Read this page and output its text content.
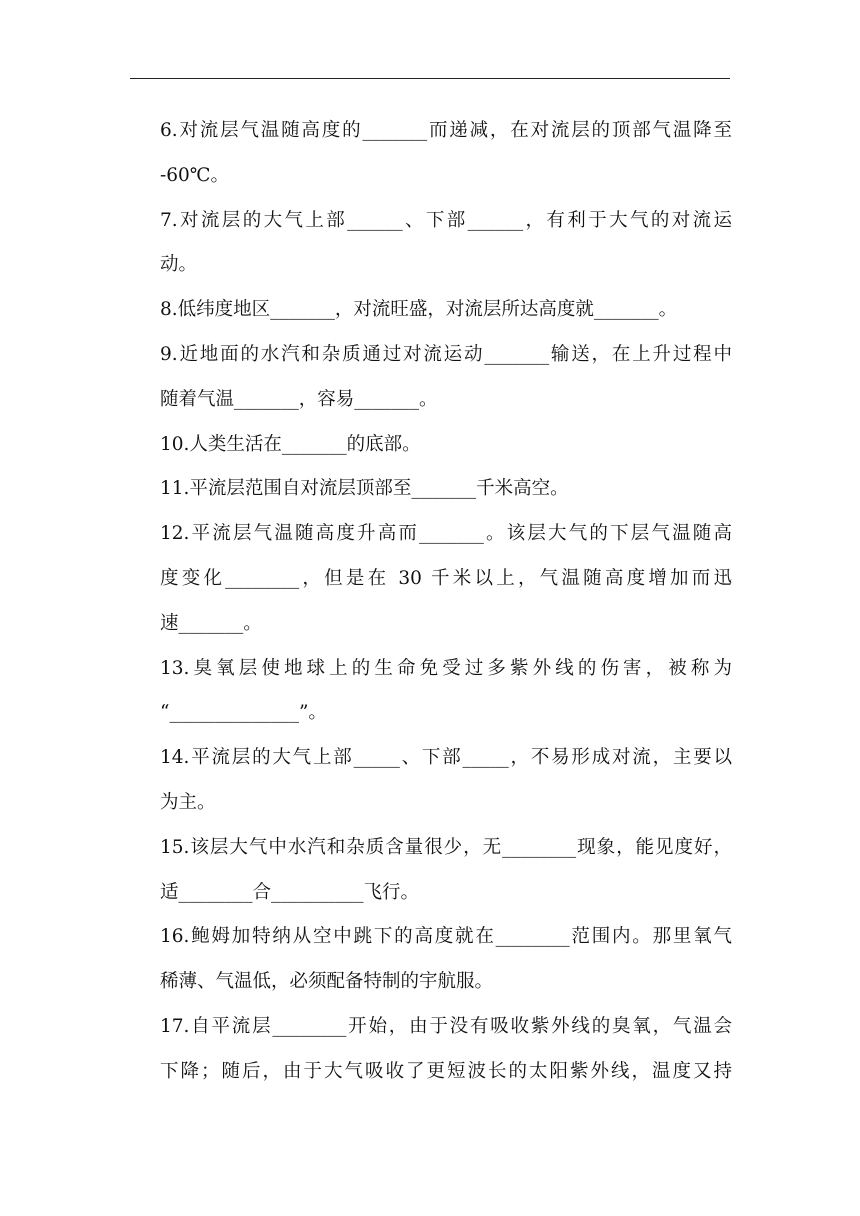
6.对流层气温随高度的_______而递减，在对流层的顶部气温降至
-60℃。
7.对流层的大气上部______、下部______，有利于大气的对流运
动。
8.低纬度地区_______，对流旺盛，对流层所达高度就_______。
9.近地面的水汽和杂质通过对流运动_______输送，在上升过程中
随着气温_______，容易_______。
10.人类生活在_______的底部。
11.平流层范围自对流层顶部至_______千米高空。
12.平流层气温随高度升高而_______。该层大气的下层气温随高
度变化________，但是在 30 千米以上，气温随高度增加而迅
速_______。
13.臭氧层使地球上的生命免受过多紫外线的伤害，被称为
“______________”。
14.平流层的大气上部_____、下部_____，不易形成对流，主要以
为主。
15.该层大气中水汽和杂质含量很少，无________现象，能见度好，
适________合__________飞行。
16.鲍姆加特纳从空中跳下的高度就在________范围内。那里氧气
稀薄、气温低，必须配备特制的宇航服。
17.自平流层________开始，由于没有吸收紫外线的臭氧，气温会
下降；随后，由于大气吸收了更短波长的太阳紫外线，温度又持
